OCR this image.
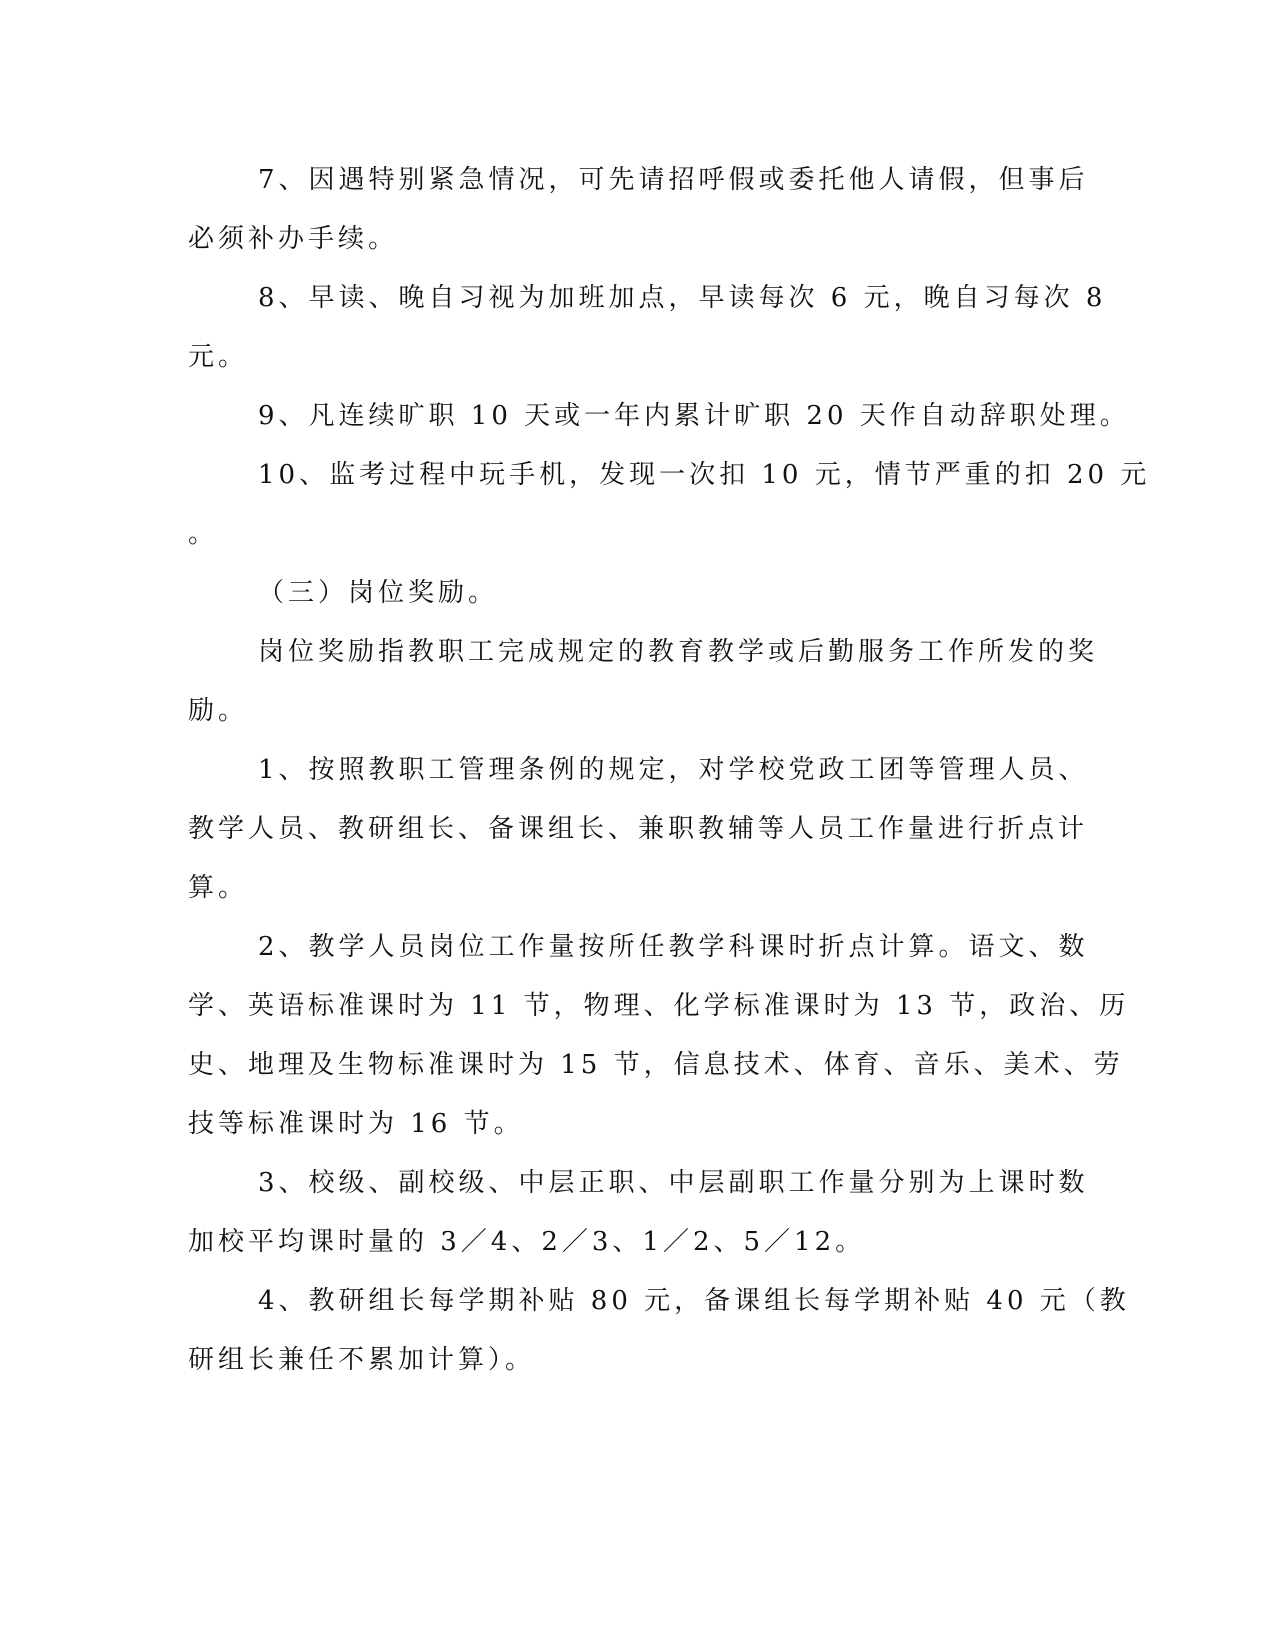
7、因遇特别紧急情况，可先请招呼假或委托他人请假，但事后

必须补办手续。

8、早读、晚自习视为加班加点，早读每次 6 元，晚自习每次 8

元。

9、凡连续旷职 10 天或一年内累计旷职 20 天作自动辞职处理。

10、监考过程中玩手机，发现一次扣 10 元，情节严重的扣 20 元

。

（三）岗位奖励。

岗位奖励指教职工完成规定的教育教学或后勤服务工作所发的奖

励。

1、按照教职工管理条例的规定，对学校党政工团等管理人员、

教学人员、教研组长、备课组长、兼职教辅等人员工作量进行折点计

算。

2、教学人员岗位工作量按所任教学科课时折点计算。语文、数

学、英语标准课时为 11 节，物理、化学标准课时为 13 节，政治、历

史、地理及生物标准课时为 15 节，信息技术、体育、音乐、美术、劳

技等标准课时为 16 节。

3、校级、副校级、中层正职、中层副职工作量分别为上课时数

加校平均课时量的 3／4、2／3、1／2、5／12。

4、教研组长每学期补贴 80 元，备课组长每学期补贴 40 元（教

研组长兼任不累加计算）。
